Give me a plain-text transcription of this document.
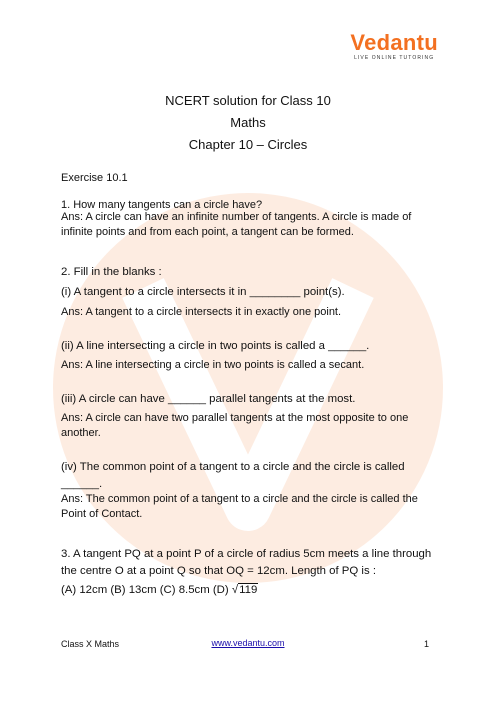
Vedantu
LIVE ONLINE TUTORING
NCERT solution for Class 10
Maths
Chapter 10 – Circles
Exercise 10.1
1. How many tangents can a circle have?
Ans: A circle can have an infinite number of tangents. A circle is made of infinite points and from each point, a tangent can be formed.
2. Fill in the blanks :
(i) A tangent to a circle intersects it in ________ point(s).
Ans: A tangent to a circle intersects it in exactly one point.
(ii) A line intersecting a circle in two points is called a ______.
Ans: A line intersecting a circle in two points is called a secant.
(iii) A circle can have ______ parallel tangents at the most.
Ans: A circle can have two parallel tangents at the most opposite to one another.
(iv) The common point of a tangent to a circle and the circle is called ______.
Ans: The common point of a tangent to a circle and the circle is called the Point of Contact.
3. A tangent PQ at a point P of a circle of radius 5cm meets a line through the centre O at a point Q so that OQ = 12cm. Length of PQ is :
(A) 12cm (B) 13cm (C) 8.5cm (D) √119
Class X Maths	www.vedantu.com	1
